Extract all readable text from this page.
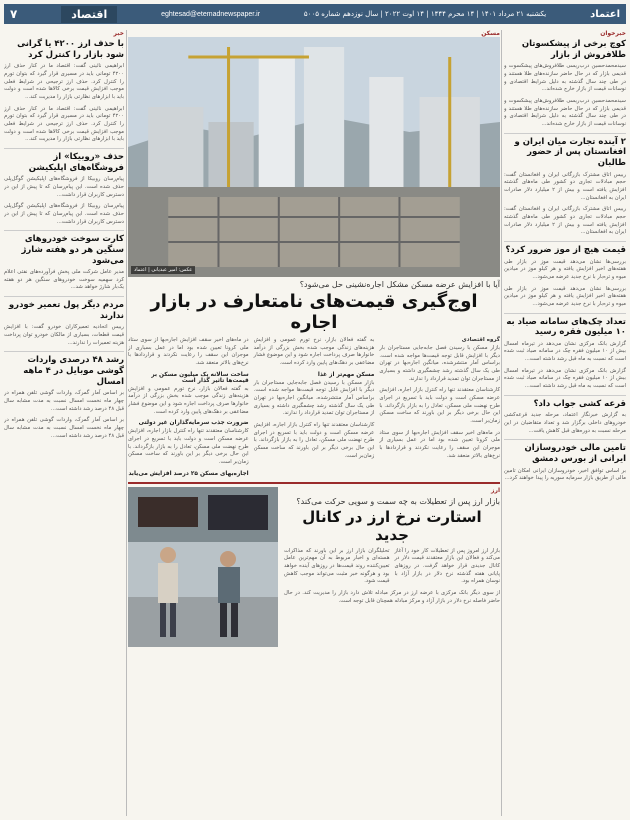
اعتماد
یکشنبه ۲۱ مرداد ۱۴۰۱ | ۱۴ محرم ۱۴۴۴ | ۱۴ اوت ۲۰۲۲ | سال نوزدهم شماره ۵۰۰۵
eghtesad@etemadnewspaper.ir
اقتصاد
۷
خبرخوان
کوچ برخی از پیشکسوتان طلافروش از بازار

سیدمحمدحسین درب‌ریسی طلافروش‌های پیشکسوت و قدیمی بازار که در حال حاضر سازنده‌های طلا هستند و در طی چند سال گذشته به دلیل شرایط اقتصادی و نوسانات قیمت از بازار خارج شده‌اند...

سیدمحمدحسین درب‌ریسی طلافروش‌های پیشکسوت و قدیمی بازار که در حال حاضر سازنده‌های طلا هستند و در طی چند سال گذشته به دلیل شرایط اقتصادی و نوسانات قیمت از بازار خارج شده‌اند...

۲ آینده تجارت میان ایران و افغانستان پس از حضور طالبان

رییس اتاق مشترک بازرگانی ایران و افغانستان گفت: حجم مبادلات تجاری دو کشور طی ماه‌های گذشته افزایش یافته است و بیش از ۲ میلیارد دلار صادرات ایران به افغانستان...

رییس اتاق مشترک بازرگانی ایران و افغانستان گفت: حجم مبادلات تجاری دو کشور طی ماه‌های گذشته افزایش یافته است و بیش از ۲ میلیارد دلار صادرات ایران به افغانستان...

قیمت هیچ از موز ضرور کرد؟

بررسی‌ها نشان می‌دهد قیمت موز در بازار طی هفته‌های اخیر افزایش یافته و هر کیلو موز در میادین میوه و تره‌بار با نرخ جدید عرضه می‌شود...

بررسی‌ها نشان می‌دهد قیمت موز در بازار طی هفته‌های اخیر افزایش یافته و هر کیلو موز در میادین میوه و تره‌بار با نرخ جدید عرضه می‌شود...

تعداد چک‌های سامانه صیاد به ۱۰ میلیون فقره رسید

گزارش بانک مرکزی نشان می‌دهد در تیرماه امسال بیش از ۱۰ میلیون فقره چک در سامانه صیاد ثبت شده است که نسبت به ماه قبل رشد داشته است...

گزارش بانک مرکزی نشان می‌دهد در تیرماه امسال بیش از ۱۰ میلیون فقره چک در سامانه صیاد ثبت شده است که نسبت به ماه قبل رشد داشته است...

قرعه کشی جواب داد؟

به گزارش خبرنگار اعتماد، مرحله جدید قرعه‌کشی خودروهای داخلی برگزار شد و تعداد متقاضیان در این مرحله نسبت به دوره‌های قبل کاهش یافت...

تامین مالی خودروسازان ایرانی از بورس دمشق

بر اساس توافق اخیر، خودروسازان ایرانی امکان تامین مالی از طریق بازار سرمایه سوریه را پیدا خواهند کرد...

خبر
با حذف ارز ۴۲۰۰ یا گرانی شود بازار را کنترل کرد

ابراهیمی نائینی گفت: اقتصاد ما در کنار حذف ارز ۴۲۰۰ تومانی باید در مسیری قرار گیرد که بتوان تورم را کنترل کرد. حذف ارز ترجیحی در شرایط فعلی موجب افزایش قیمت برخی کالاها شده است و دولت باید با ابزارهای نظارتی بازار را مدیریت کند...

ابراهیمی نائینی گفت: اقتصاد ما در کنار حذف ارز ۴۲۰۰ تومانی باید در مسیری قرار گیرد که بتوان تورم را کنترل کرد. حذف ارز ترجیحی در شرایط فعلی موجب افزایش قیمت برخی کالاها شده است و دولت باید با ابزارهای نظارتی بازار را مدیریت کند...

حذف «روبیکا» از فروشگاه‌های اپلیکیشن

پیام‌رسان روبیکا از فروشگاه‌های اپلیکیشن گوگل‌پلی حذف شده است. این پیام‌رسان که تا پیش از این در دسترس کاربران قرار داشت...

پیام‌رسان روبیکا از فروشگاه‌های اپلیکیشن گوگل‌پلی حذف شده است. این پیام‌رسان که تا پیش از این در دسترس کاربران قرار داشت...

کارت سوخت خودروهای سنگین هر دو هفته شارژ می‌شود

مدیر عامل شرکت ملی پخش فرآورده‌های نفتی اعلام کرد سهمیه سوخت خودروهای سنگین هر دو هفته یک‌بار شارژ خواهد شد...

مردم دیگر پول تعمیر خودرو ندارند

رییس اتحادیه تعمیرکاران خودرو گفت: با افزایش قیمت قطعات، بسیاری از مالکان خودرو توان پرداخت هزینه تعمیرات را ندارند...

رشد ۴۸ درصدی واردات گوشی موبایل در ۴ ماهه امسال

بر اساس آمار گمرک، واردات گوشی تلفن همراه در چهار ماه نخست امسال نسبت به مدت مشابه سال قبل ۴۸ درصد رشد داشته است...

بر اساس آمار گمرک، واردات گوشی تلفن همراه در چهار ماه نخست امسال نسبت به مدت مشابه سال قبل ۴۸ درصد رشد داشته است...

مسکن
عکس: امیر عبدیانی | اعتماد
آیا با افزایش عرضه مسکن مشکل اجاره‌نشینی حل می‌شود؟
اوج‌گیری قیمت‌های نامتعارف در بازار اجاره
گروه اقتصادی

بازار مسکن با رسیدن فصل جابه‌جایی مستاجران بار دیگر با افزایش قابل توجه قیمت‌ها مواجه شده است. براساس آمار منتشرشده، میانگین اجاره‌بها در تهران طی یک سال گذشته رشد چشمگیری داشته و بسیاری از مستاجران توان تمدید قرارداد را ندارند.

کارشناسان معتقدند تنها راه کنترل بازار اجاره، افزایش عرضه مسکن است و دولت باید با تسریع در اجرای طرح نهضت ملی مسکن، تعادل را به بازار بازگرداند. با این حال برخی دیگر بر این باورند که ساخت مسکن زمان‌بر است.

در ماه‌های اخیر سقف افزایش اجاره‌بها از سوی ستاد ملی کرونا تعیین شده بود اما در عمل بسیاری از موجران این سقف را رعایت نکردند و قراردادها با نرخ‌های بالاتر منعقد شد.

به گفته فعالان بازار، نرخ تورم عمومی و افزایش هزینه‌های زندگی موجب شده بخش بزرگی از درآمد خانوارها صرف پرداخت اجاره شود و این موضوع فشار مضاعفی بر دهک‌های پایین وارد کرده است.

مسکن مهم‌تر از غذا

بازار مسکن با رسیدن فصل جابه‌جایی مستاجران بار دیگر با افزایش قابل توجه قیمت‌ها مواجه شده است. براساس آمار منتشرشده، میانگین اجاره‌بها در تهران طی یک سال گذشته رشد چشمگیری داشته و بسیاری از مستاجران توان تمدید قرارداد را ندارند.

کارشناسان معتقدند تنها راه کنترل بازار اجاره، افزایش عرضه مسکن است و دولت باید با تسریع در اجرای طرح نهضت ملی مسکن، تعادل را به بازار بازگرداند. با این حال برخی دیگر بر این باورند که ساخت مسکن زمان‌بر است.

در ماه‌های اخیر سقف افزایش اجاره‌بها از سوی ستاد ملی کرونا تعیین شده بود اما در عمل بسیاری از موجران این سقف را رعایت نکردند و قراردادها با نرخ‌های بالاتر منعقد شد.

ساخت سالانه یک میلیون مسکن بر قیمت‌ها تاثیر گذار است

به گفته فعالان بازار، نرخ تورم عمومی و افزایش هزینه‌های زندگی موجب شده بخش بزرگی از درآمد خانوارها صرف پرداخت اجاره شود و این موضوع فشار مضاعفی بر دهک‌های پایین وارد کرده است.

ضرورت جذب سرمایه‌گذاران غیر دولتی

کارشناسان معتقدند تنها راه کنترل بازار اجاره، افزایش عرضه مسکن است و دولت باید با تسریع در اجرای طرح نهضت ملی مسکن، تعادل را به بازار بازگرداند. با این حال برخی دیگر بر این باورند که ساخت مسکن زمان‌بر است.

اجاره‌بهای مسکن ۲۵ درصد افزایش می‌یابد
ارز
بازار ارز پس از تعطیلات به چه سمت و سویی حرکت می‌کند؟
استارت نرخ ارز در کانال جدید

بازار ارز امروز پس از تعطیلات کار خود را آغاز می‌کند و فعالان این بازار معتقدند قیمت دلار در کانال جدیدی قرار خواهد گرفت. در روزهای پایانی هفته گذشته نرخ دلار در بازار آزاد با نوسان همراه بود.

تحلیلگران بازار ارز بر این باورند که مذاکرات هسته‌ای و اخبار مربوط به آن مهم‌ترین عامل تعیین‌کننده روند قیمت‌ها در روزهای آینده خواهد بود و هرگونه خبر مثبت می‌تواند موجب کاهش قیمت شود.

از سوی دیگر بانک مرکزی با عرضه ارز در مرکز مبادله تلاش دارد بازار را مدیریت کند. در حال حاضر فاصله نرخ دلار در بازار آزاد و مرکز مبادله همچنان قابل توجه است.
